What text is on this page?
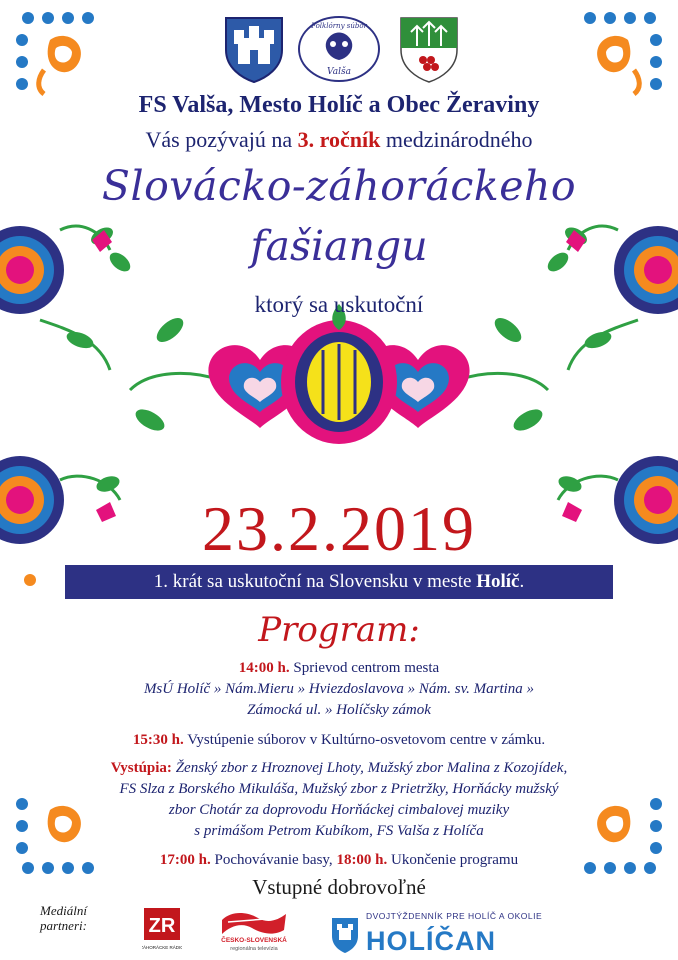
Folklórny súbor
Valša
FS Valša, Mesto Holíč a Obec Žeraviny
Vás pozývajú na 3. ročník medzinárodného
Slovácko-záhoráckeho
fašiangu
ktorý sa uskutoční
23.2.2019
1. krát sa uskutoční na Slovensku v meste Holíč.
Program:
14:00 h. Sprievod centrom mesta
MsÚ Holíč » Nám.Mieru » Hviezdoslavova » Nám. sv. Martina »
Zámocká ul. » Holíčsky zámok
15:30 h. Vystúpenie súborov v Kultúrno-osvetovom centre v zámku.
Vystúpia: Ženský zbor z Hroznovej Lhoty, Mužský zbor Malina z Kozojídek,
FS Slza z Borského Mikuláša, Mužský zbor z Prietržky, Horňácky mužský
zbor Chotár za doprovodu Horňáckej cimbalovej muziky
s primášom Petrom Kubíkom, FS Valša z Holíča
17:00 h. Pochovávanie basy, 18:00 h. Ukončenie programu
Vstupné dobrovoľné
Mediální
partneri:	ZR
ZÁHORÁCKE RÁDIO
ČESKO-SLOVENSKÁ
regionálna televízia
DVOJTÝŽDENNÍK PRE HOLÍČ A OKOLIE
HOLÍČAN
